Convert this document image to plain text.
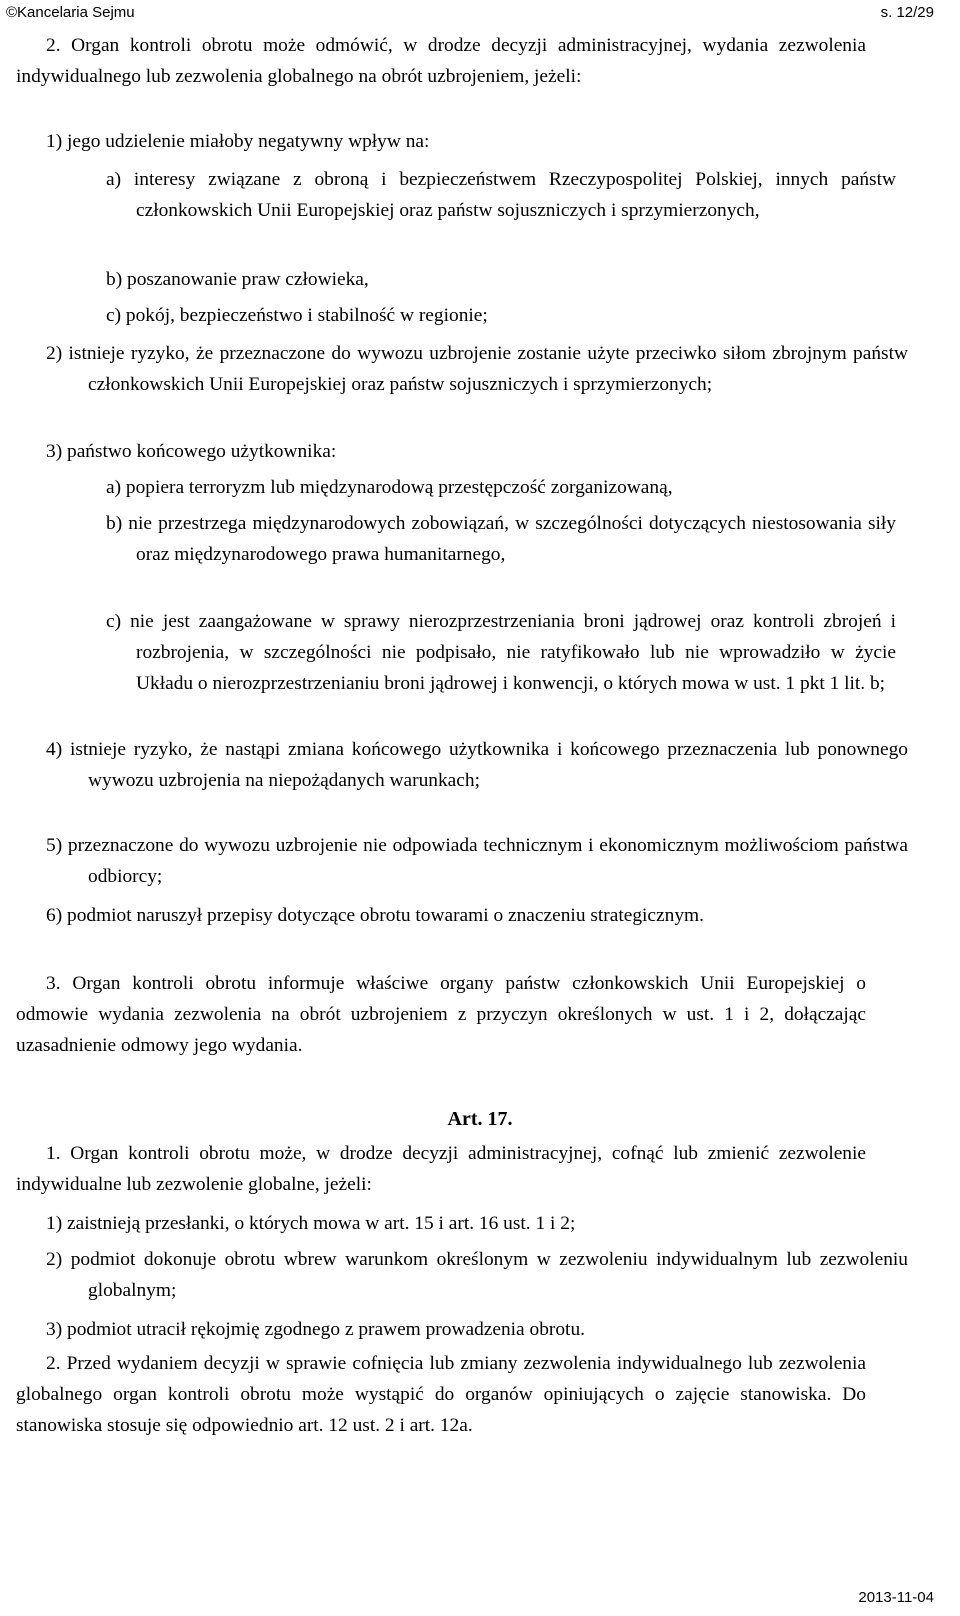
©Kancelaria Sejmu	s. 12/29
2. Organ kontroli obrotu może odmówić, w drodze decyzji administracyjnej, wydania zezwolenia indywidualnego lub zezwolenia globalnego na obrót uzbrojeniem, jeżeli:
1) jego udzielenie miałoby negatywny wpływ na:
a) interesy związane z obroną i bezpieczeństwem Rzeczypospolitej Polskiej, innych państw członkowskich Unii Europejskiej oraz państw sojuszniczych i sprzymierzonych,
b) poszanowanie praw człowieka,
c) pokój, bezpieczeństwo i stabilność w regionie;
2) istnieje ryzyko, że przeznaczone do wywozu uzbrojenie zostanie użyte przeciwko siłom zbrojnym państw członkowskich Unii Europejskiej oraz państw sojuszniczych i sprzymierzonych;
3) państwo końcowego użytkownika:
a) popiera terroryzm lub międzynarodową przestępczość zorganizowaną,
b) nie przestrzega międzynarodowych zobowiązań, w szczególności dotyczących niestosowania siły oraz międzynarodowego prawa humanitarnego,
c) nie jest zaangażowane w sprawy nierozprzestrzeniania broni jądrowej oraz kontroli zbrojeń i rozbrojenia, w szczególności nie podpisało, nie ratyfikowało lub nie wprowadziło w życie Układu o nierozprzestrzenianiu broni jądrowej i konwencji, o których mowa w ust. 1 pkt 1 lit. b;
4) istnieje ryzyko, że nastąpi zmiana końcowego użytkownika i końcowego przeznaczenia lub ponownego wywozu uzbrojenia na niepożądanych warunkach;
5) przeznaczone do wywozu uzbrojenie nie odpowiada technicznym i ekonomicznym możliwościom państwa odbiorcy;
6) podmiot naruszył przepisy dotyczące obrotu towarami o znaczeniu strategicznym.
3. Organ kontroli obrotu informuje właściwe organy państw członkowskich Unii Europejskiej o odmowie wydania zezwolenia na obrót uzbrojeniem z przyczyn określonych w ust. 1 i 2, dołączając uzasadnienie odmowy jego wydania.
Art. 17.
1. Organ kontroli obrotu może, w drodze decyzji administracyjnej, cofnąć lub zmienić zezwolenie indywidualne lub zezwolenie globalne, jeżeli:
1) zaistnieją przesłanki, o których mowa w art. 15 i art. 16 ust. 1 i 2;
2) podmiot dokonuje obrotu wbrew warunkom określonym w zezwoleniu indywidualnym lub zezwoleniu globalnym;
3) podmiot utracił rękojmię zgodnego z prawem prowadzenia obrotu.
2. Przed wydaniem decyzji w sprawie cofnięcia lub zmiany zezwolenia indywidualnego lub zezwolenia globalnego organ kontroli obrotu może wystąpić do organów opiniujących o zajęcie stanowiska. Do stanowiska stosuje się odpowiednio art. 12 ust. 2 i art. 12a.
2013-11-04
